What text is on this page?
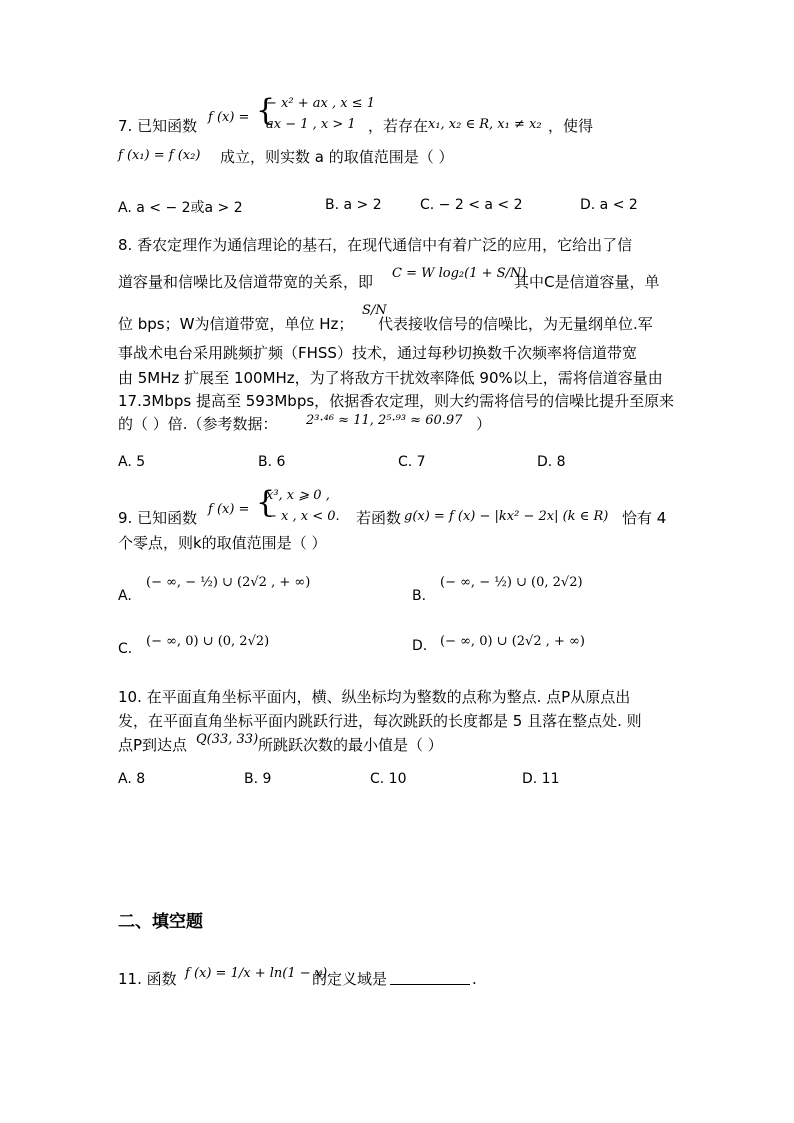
f (x) = {
− x² + ax , x ≤ 1
ax − 1 , x > 1
7. 已知函数	，若存在 x₁, x₂ ∈ R, x₁ ≠ x₂ ，使得
f (x₁) = f (x₂) 成立，则实数 a 的取值范围是（ ）
A. a < − 2或a > 2	B. a > 2	C. − 2 < a < 2	D. a < 2
8. 香农定理作为通信理论的基石，在现代通信中有着广泛的应用，它给出了信
道容量和信噪比及信道带宽的关系，即 C = W log₂(1 + S/N)
其中C是信道容量，单
位 bps；W为信道带宽，单位 Hz；
S/N
代表接收信号的信噪比，为无量纲单位.军
事战术电台采用跳频扩频（FHSS）技术，通过每秒切换数千次频率将信道带宽
由 5MHz 扩展至 100MHz，为了将敌方干扰效率降低 90%以上，需将信道容量由
17.3Mbps 提高至 593Mbps，依据香农定理，则大约需将信号的信噪比提升至原来
的（ ）倍.（参考数据： 2³·⁴⁶ ≈ 11, 2⁵·⁹³ ≈ 60.97 ）
A. 5	B. 6	C. 7	D. 8
f (x) = {
x³, x ⩾ 0 ,
− x , x < 0.
9. 已知函数	若函数 g(x) = f (x) − |kx² − 2x| (k ∈ R) 恰有 4
个零点，则k的取值范围是（ ）
A.
(− ∞, − ½) ∪ (2√2 , + ∞)
B.
(− ∞, − ½) ∪ (0, 2√2)
C. (− ∞, 0) ∪ (0, 2√2)	D. (− ∞, 0) ∪ (2√2 , + ∞)
10. 在平面直角坐标平面内，横、纵坐标均为整数的点称为整点. 点P从原点出
发，在平面直角坐标平面内跳跃行进，每次跳跃的长度都是 5 且落在整点处. 则
点P到达点 Q(33, 33) 所跳跃次数的最小值是（ ）
A. 8	B. 9	C. 10	D. 11
二、填空题
11. 函数 f (x) = 1/x + ln(1 − x)
的定义域是	.
